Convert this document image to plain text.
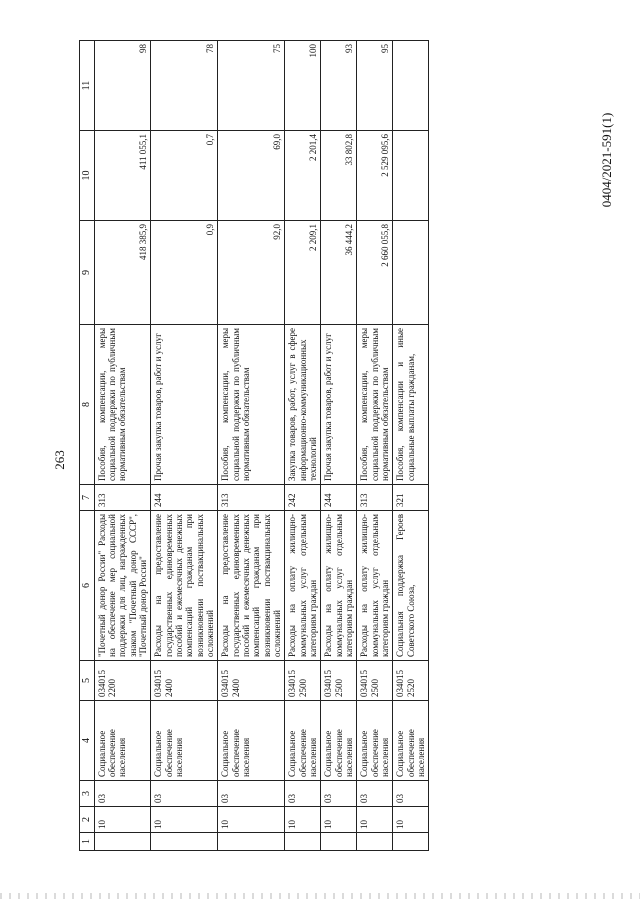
263
0404/2021-591(1)
1	2	3	4	5	6	7	8	9	10	11
	10	03	Социальное обеспечение населения	034015 2200	"Почетный донор России" Расходы на обеспечение мер социальной поддержки для лиц, награжденных знаком "Почетный донор СССР", "Почетный донор России"	313	Пособия, компенсации, меры социальной поддержки по публичным нормативным обязательствам	418 385,9	411 055,1	98
	10	03	Социальное обеспечение населения	034015 2400	Расходы на предоставление государственных единовременных пособий и ежемесячных денежных компенсаций гражданам при возникновении поствакцинальных осложнений	244	Прочая закупка товаров, работ и услуг	0,9	0,7	78
	10	03	Социальное обеспечение населения	034015 2400	Расходы на предоставление государственных единовременных пособий и ежемесячных денежных компенсаций гражданам при возникновении поствакцинальных осложнений	313	Пособия, компенсации, меры социальной поддержки по публичным нормативным обязательствам	92,0	69,0	75
	10	03	Социальное обеспечение населения	034015 2500	Расходы на оплату жилищно-коммунальных услуг отдельным категориям граждан	242	Закупка товаров, работ, услуг в сфере информационно-коммуникационных технологий	2 209,1	2 201,4	100
	10	03	Социальное обеспечение населения	034015 2500	Расходы на оплату жилищно-коммунальных услуг отдельным категориям граждан	244	Прочая закупка товаров, работ и услуг	36 444,2	33 802,8	93
	10	03	Социальное обеспечение населения	034015 2500	Расходы на оплату жилищно-коммунальных услуг отдельным категориям граждан	313	Пособия, компенсации, меры социальной поддержки по публичным нормативным обязательствам	2 660 055,8	2 529 095,6	95
	10	03	Социальное обеспечение населения	034015 2520	Социальная поддержка Героев Советского Союза,	321	Пособия, компенсации и иные социальные выплаты гражданам,			
